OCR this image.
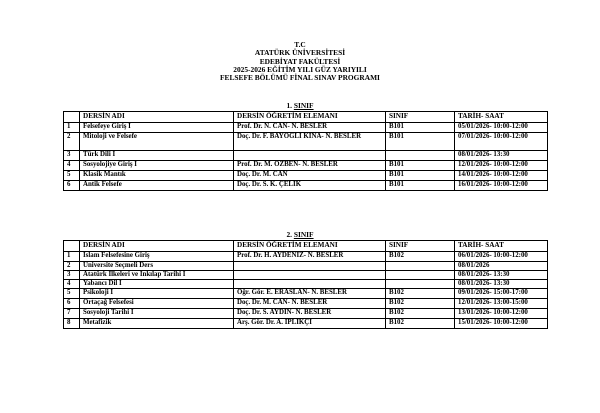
T.C
ATATÜRK ÜNİVERSİTESİ
EDEBİYAT FAKÜLTESİ
2025-2026 EĞİTİM YILI GÜZ YARIYILI
FELSEFE BÖLÜMÜ FİNAL SINAV PROGRAMI
1. SINIF
	DERSİN ADI	DERSİN ÖĞRETİM ELEMANI	SINIF	TARİH- SAAT
1	Felsefeye Giriş I	Prof. Dr. N. CAN- N. BESLER	B101	05/01/2026- 10:00-12:00
2	Mitoloji ve Felsefe	Doç. Dr. F. BAYOĞLI KINA- N. BESLER	B101	07/01/2026- 10:00-12:00
3	Türk Dili I			08/01/2026- 13:30
4	Sosyolojiye Giriş I	Prof. Dr. M. ÖZBEN- N. BESLER	B101	12/01/2026- 10:00-12:00
5	Klasik Mantık	Doç. Dr. M. CAN	B101	14/01/2026- 10:00-12:00
6	Antik Felsefe	Doç. Dr. S. K. ÇELİK	B101	16/01/2026- 10:00-12:00
2. SINIF
	DERSİN ADI	DERSİN ÖĞRETİM ELEMANI	SINIF	TARİH- SAAT
1	İslam Felsefesine Giriş	Prof. Dr. H. AYDENİZ- N. BESLER	B102	06/01/2026- 10:00-12:00
2	Üniversite Seçmeli Ders			08/01/2026
3	Atatürk İlkeleri ve İnkılap Tarihi I			08/01/2026- 13:30
4	Yabancı Dil I			08/01/2026- 13:30
5	Psikoloji I	Öğr. Gör. E. ERASLAN- N. BESLER	B102	09/01/2026- 15:00-17:00
6	Ortaçağ Felsefesi	Doç. Dr. M. CAN- N. BESLER	B102	12/01/2026- 13:00-15:00
7	Sosyoloji Tarihi I	Doç. Dr. S. AYDIN- N. BESLER	B102	13/01/2026- 10:00-12:00
8	Metafizik	Arş. Gör. Dr. A. İPLİKÇİ	B102	15/01/2026- 10:00-12:00
